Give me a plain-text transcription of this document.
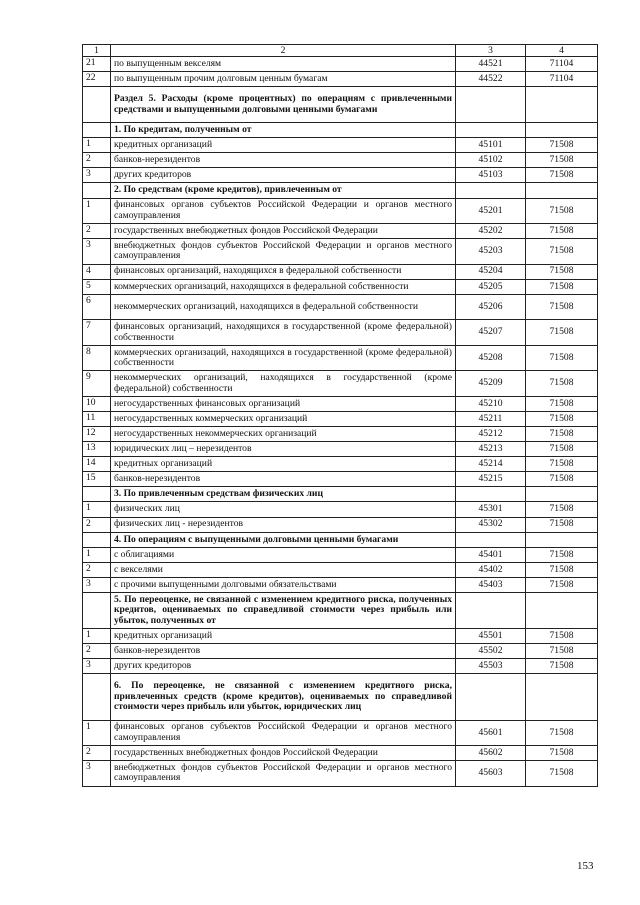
1	2	3	4
21	по выпущенным векселям	44521	71104
22	по выпущенным прочим долговым ценным бумагам	44522	71104
	Раздел 5. Расходы (кроме процентных) по операциям с привлеченными средствами и выпущенными долговыми ценными бумагами		
	1. По кредитам, полученным от		
1	кредитных организаций	45101	71508
2	банков-нерезидентов	45102	71508
3	других кредиторов	45103	71508
	2. По средствам (кроме кредитов), привлеченным от		
1	финансовых органов субъектов Российской Федерации и органов местного самоуправления	45201	71508
2	государственных внебюджетных фондов Российской Федерации	45202	71508
3	внебюджетных фондов субъектов Российской Федерации и органов местного самоуправления	45203	71508
4	финансовых организаций, находящихся в федеральной собственности	45204	71508
5	коммерческих организаций, находящихся в федеральной собственности	45205	71508
6	некоммерческих организаций, находящихся в федеральной собственности	45206	71508
7	финансовых организаций, находящихся в государственной (кроме федеральной) собственности	45207	71508
8	коммерческих организаций, находящихся в государственной (кроме федеральной) собственности	45208	71508
9	некоммерческих организаций, находящихся в государственной (кроме федеральной) собственности	45209	71508
10	негосударственных финансовых организаций	45210	71508
11	негосударственных коммерческих организаций	45211	71508
12	негосударственных некоммерческих организаций	45212	71508
13	юридических лиц – нерезидентов	45213	71508
14	кредитных организаций	45214	71508
15	банков-нерезидентов	45215	71508
	3. По привлеченным средствам физических лиц		
1	физических лиц	45301	71508
2	физических лиц - нерезидентов	45302	71508
	4. По операциям с выпущенными долговыми ценными бумагами		
1	с облигациями	45401	71508
2	с векселями	45402	71508
3	с прочими выпущенными долговыми обязательствами	45403	71508
	5. По переоценке, не связанной с изменением кредитного риска, полученных кредитов, оцениваемых по справедливой стоимости через прибыль или убыток, полученных от		
1	кредитных организаций	45501	71508
2	банков-нерезидентов	45502	71508
3	других кредиторов	45503	71508
	6. По переоценке, не связанной с изменением кредитного риска, привлеченных средств (кроме кредитов), оцениваемых по справедливой стоимости через прибыль или убыток, юридических лиц		
1	финансовых органов субъектов Российской Федерации и органов местного самоуправления	45601	71508
2	государственных внебюджетных фондов Российской Федерации	45602	71508
3	внебюджетных фондов субъектов Российской Федерации и органов местного самоуправления	45603	71508
153
